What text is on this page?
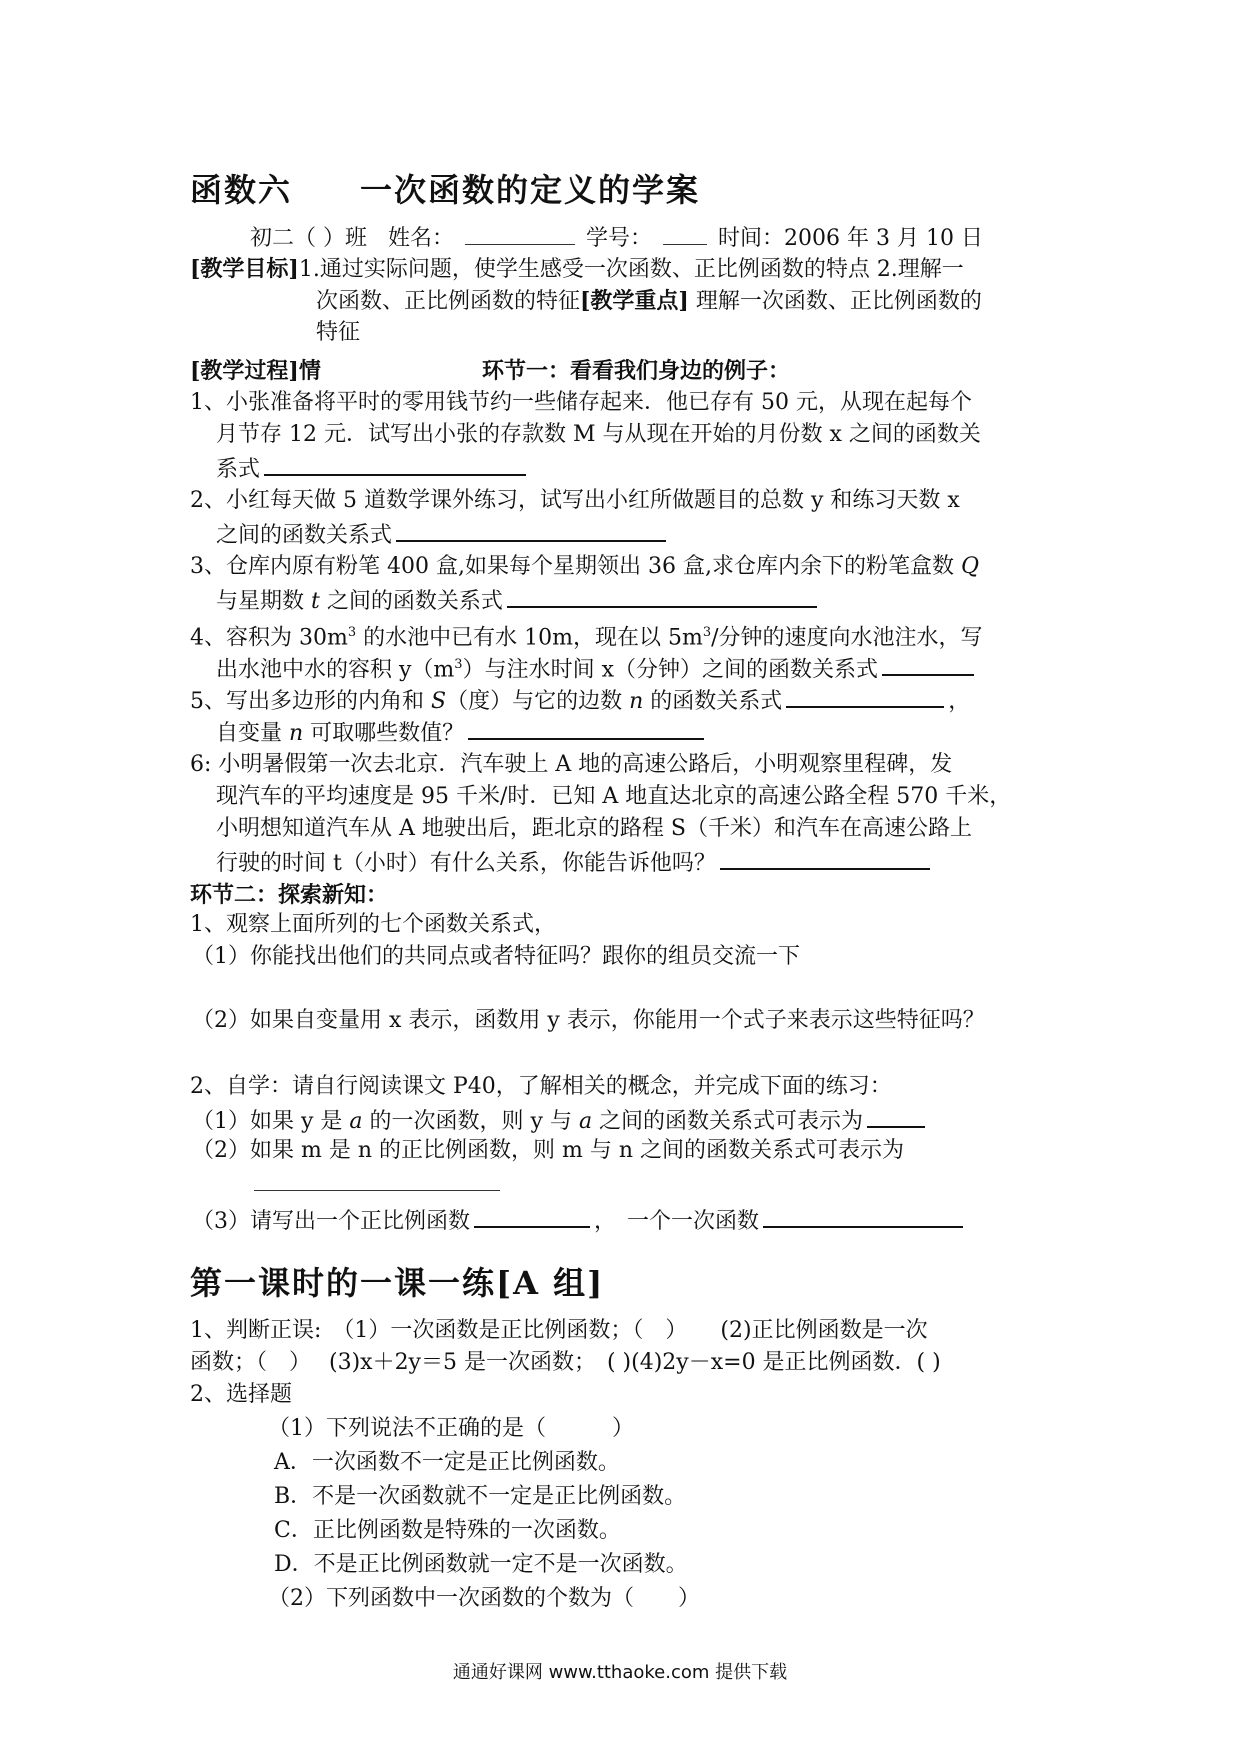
函数六　　一次函数的定义的学案
初二（ ）班 姓名：	学号：	时间：2006 年 3 月 10 日
[教学目标]1.通过实际问题，使学生感受一次函数、正比例函数的特点 2.理解一
次函数、正比例函数的特征[教学重点] 理解一次函数、正比例函数的
特征
[教学过程]情	环节一：看看我们身边的例子：
1、小张准备将平时的零用钱节约一些储存起来．他已存有 50 元，从现在起每个
月节存 12 元．试写出小张的存款数 M 与从现在开始的月份数 x 之间的函数关
系式
2、小红每天做 5 道数学课外练习，试写出小红所做题目的总数 y 和练习天数 x
之间的函数关系式
3、仓库内原有粉笔 400 盒,如果每个星期领出 36 盒,求仓库内余下的粉笔盒数 Q
与星期数 t 之间的函数关系式
4、容积为 $30m^3$ 的水池中已有水 10m，现在以 $5m^3/$分钟的速度向水池注水，写
出水池中水的容积 $y(m^3)$与注水时间 x（分钟）之间的函数关系式
5、写出多边形的内角和 S（度）与它的边数 n 的函数关系式	，
自变量 n 可取哪些数值？
6: 小明暑假第一次去北京．汽车驶上 A 地的高速公路后，小明观察里程碑，发
现汽车的平均速度是 95 千米/时．已知 A 地直达北京的高速公路全程 570 千米，
小明想知道汽车从 A 地驶出后，距北京的路程 S（千米）和汽车在高速公路上
行驶的时间 t（小时）有什么关系，你能告诉他吗？
环节二：探索新知：
1、观察上面所列的七个函数关系式，
（1）你能找出他们的共同点或者特征吗？跟你的组员交流一下
（2）如果自变量用 x 表示，函数用 y 表示，你能用一个式子来表示这些特征吗？
2、自学：请自行阅读课文 P40，了解相关的概念，并完成下面的练习：
（1）如果 y 是 a 的一次函数，则 y 与 a 之间的函数关系式可表示为
（2）如果 m 是 n 的正比例函数，则 m 与 n 之间的函数关系式可表示为
（3）请写出一个正比例函数	，　一个一次函数
第一课时的一课一练[A 组]
1、判断正误:　（1）一次函数是正比例函数；（　）　　(2)正比例函数是一次
函数；（　）　 (3)x＋2y＝5 是一次函数；　( )(4)2y－x=0 是正比例函数．( )
2、选择题
（1）下列说法不正确的是（　　　）
A．一次函数不一定是正比例函数。
B．不是一次函数就不一定是正比例函数。
C．正比例函数是特殊的一次函数。
D．不是正比例函数就一定不是一次函数。
（2）下列函数中一次函数的个数为（　　）
通通好课网 www.tthaoke.com 提供下载
